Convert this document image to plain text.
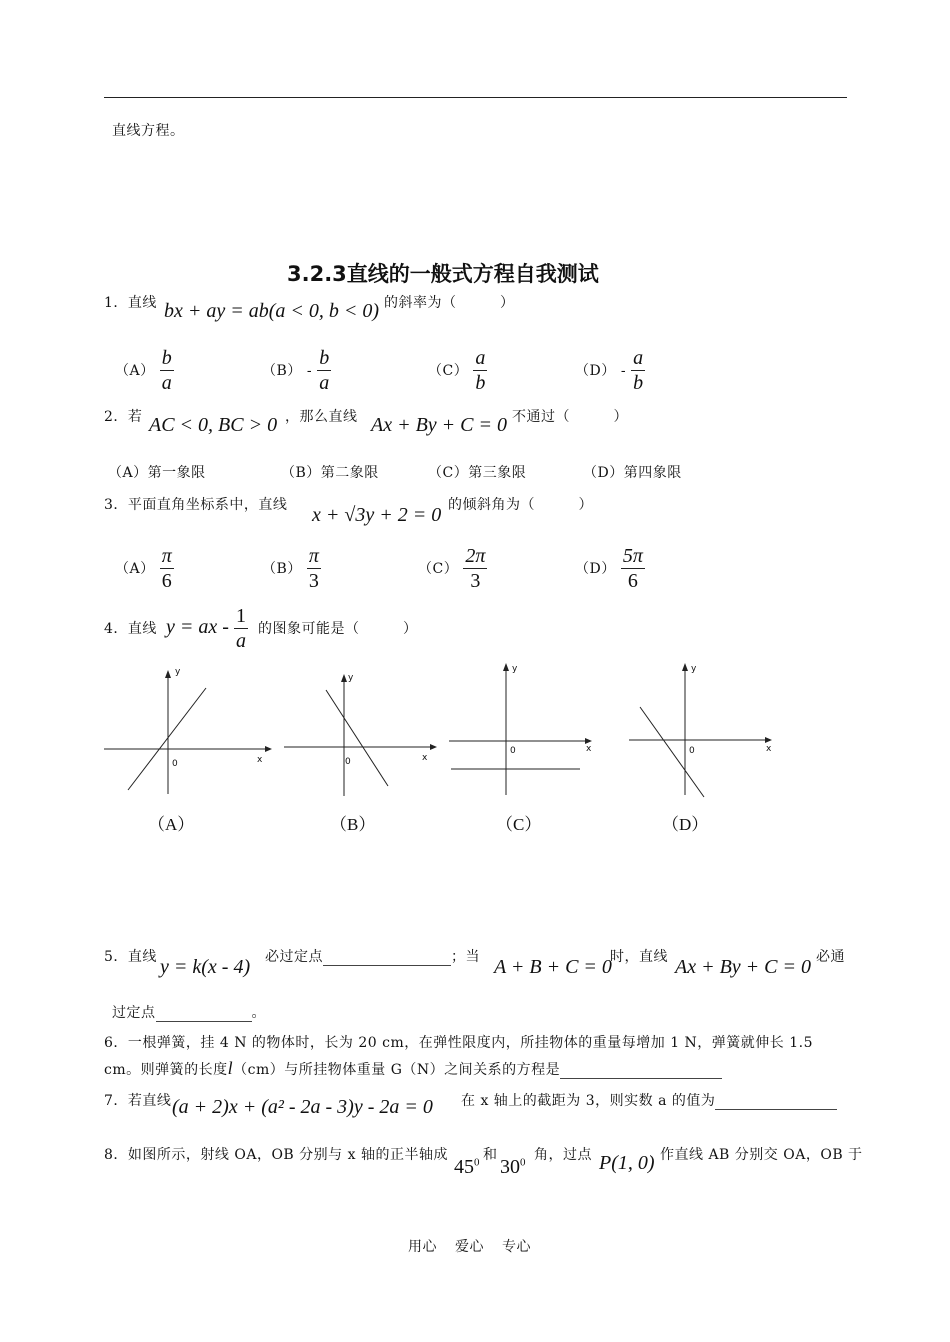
直线方程。
3.2.3直线的一般式方程自我测试
1．直线 bx + ay = ab(a < 0, b < 0) 的斜率为（　　　）
$(A) \frac{b}{a}$	$(B) - \frac{b}{a}$	$(C) \frac{a}{b}$	$(D) - \frac{a}{b}$
2．若 AC < 0, BC > 0 ，那么直线 Ax + By + C = 0 不通过（　　　）
（A）第一象限	（B）第二象限	（C）第三象限	（D）第四象限
3．平面直角坐标系中，直线 x + √3y + 2 = 0 的倾斜角为（　　　）
$(A) \frac{\pi}{6}$	$(B) \frac{\pi}{3}$	$(C) \frac{2\pi}{3}$	$(D) \frac{5\pi}{6}$
4．直线 y = ax - $\frac{1}{a}$ 的图象可能是（　　　）
y
x
0
（A）
y
x
0
（B）
y
x
0
（C）
y
x
0
（D）
5．直线 y = k(x - 4) 必过定点	；当 A + B + C = 0
时，直线 Ax + By + C = 0 必通
过定点	。
6．一根弹簧，挂 4 N 的物体时，长为 20 cm，在弹性限度内，所挂物体的重量每增加 1 N，弹簧就伸长 1.5
cm。则弹簧的长度l（cm）与所挂物体重量 G（N）之间关系的方程是
7．若直线 (a + 2)x + (a² - 2a - 3)y - 2a = 0 在 x 轴上的截距为 3，则实数 a 的值为
8．如图所示，射线 OA，OB 分别与 x 轴的正半轴成
$45^0$ 和
$30^0$ 角，过点 P(1, 0) 作直线 AB 分别交 OA，OB 于
用心 爱心 专心
